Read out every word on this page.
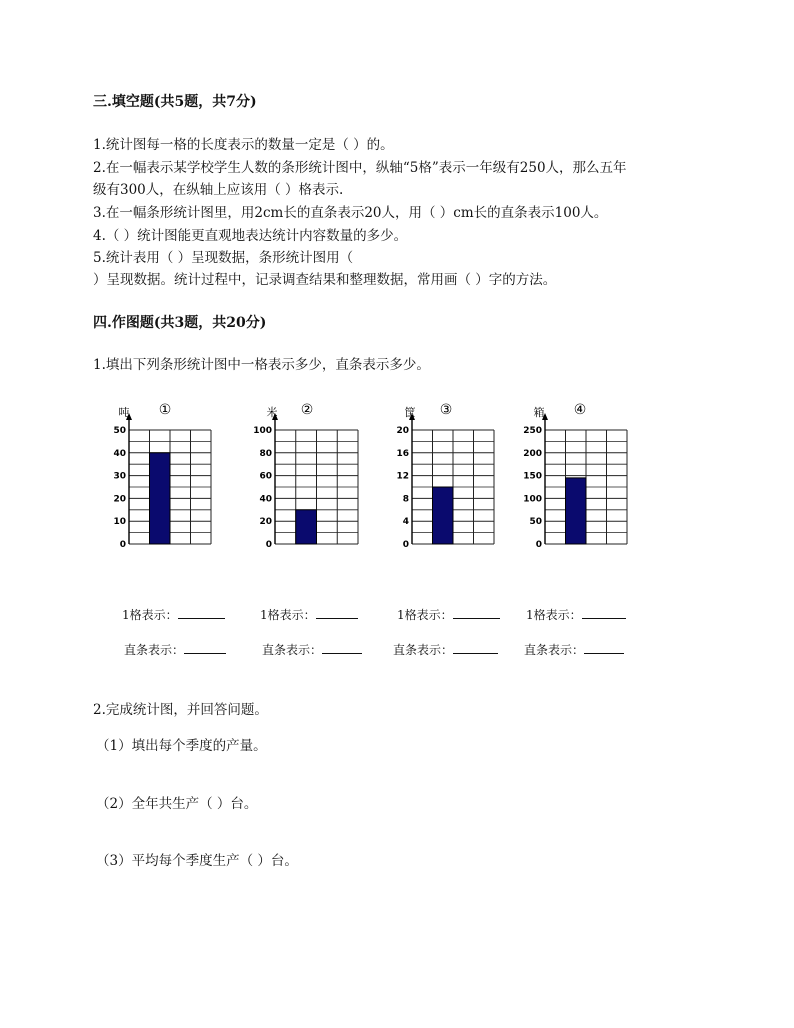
三.填空题(共5题，共7分)
1.统计图每一格的长度表示的数量一定是（ ）的。
2.在一幅表示某学校学生人数的条形统计图中，纵轴“5格”表示一年级有250人，那么五年
级有300人，在纵轴上应该用（ ）格表示.
3.在一幅条形统计图里，用2cm长的直条表示20人，用（ ）cm长的直条表示100人。
4.（ ）统计图能更直观地表达统计内容数量的多少。
5.统计表用（ ）呈现数据，条形统计图用（
）呈现数据。统计过程中，记录调查结果和整理数据，常用画（ ）字的方法。
四.作图题(共3题，共20分)
1.填出下列条形统计图中一格表示多少，直条表示多少。
0
10
20
30
40
50
吨 ①
0
20
40
60
80
100
米 ②
0
4
8
12
16
20
筐 ③
0
50
100
150
200
250
箱 ④
1格表示：	1格表示：	1格表示：	1格表示：
直条表示：	直条表示：	直条表示：	直条表示：
2.完成统计图，并回答问题。
（1）填出每个季度的产量。
（2）全年共生产（ ）台。
（3）平均每个季度生产（ ）台。
